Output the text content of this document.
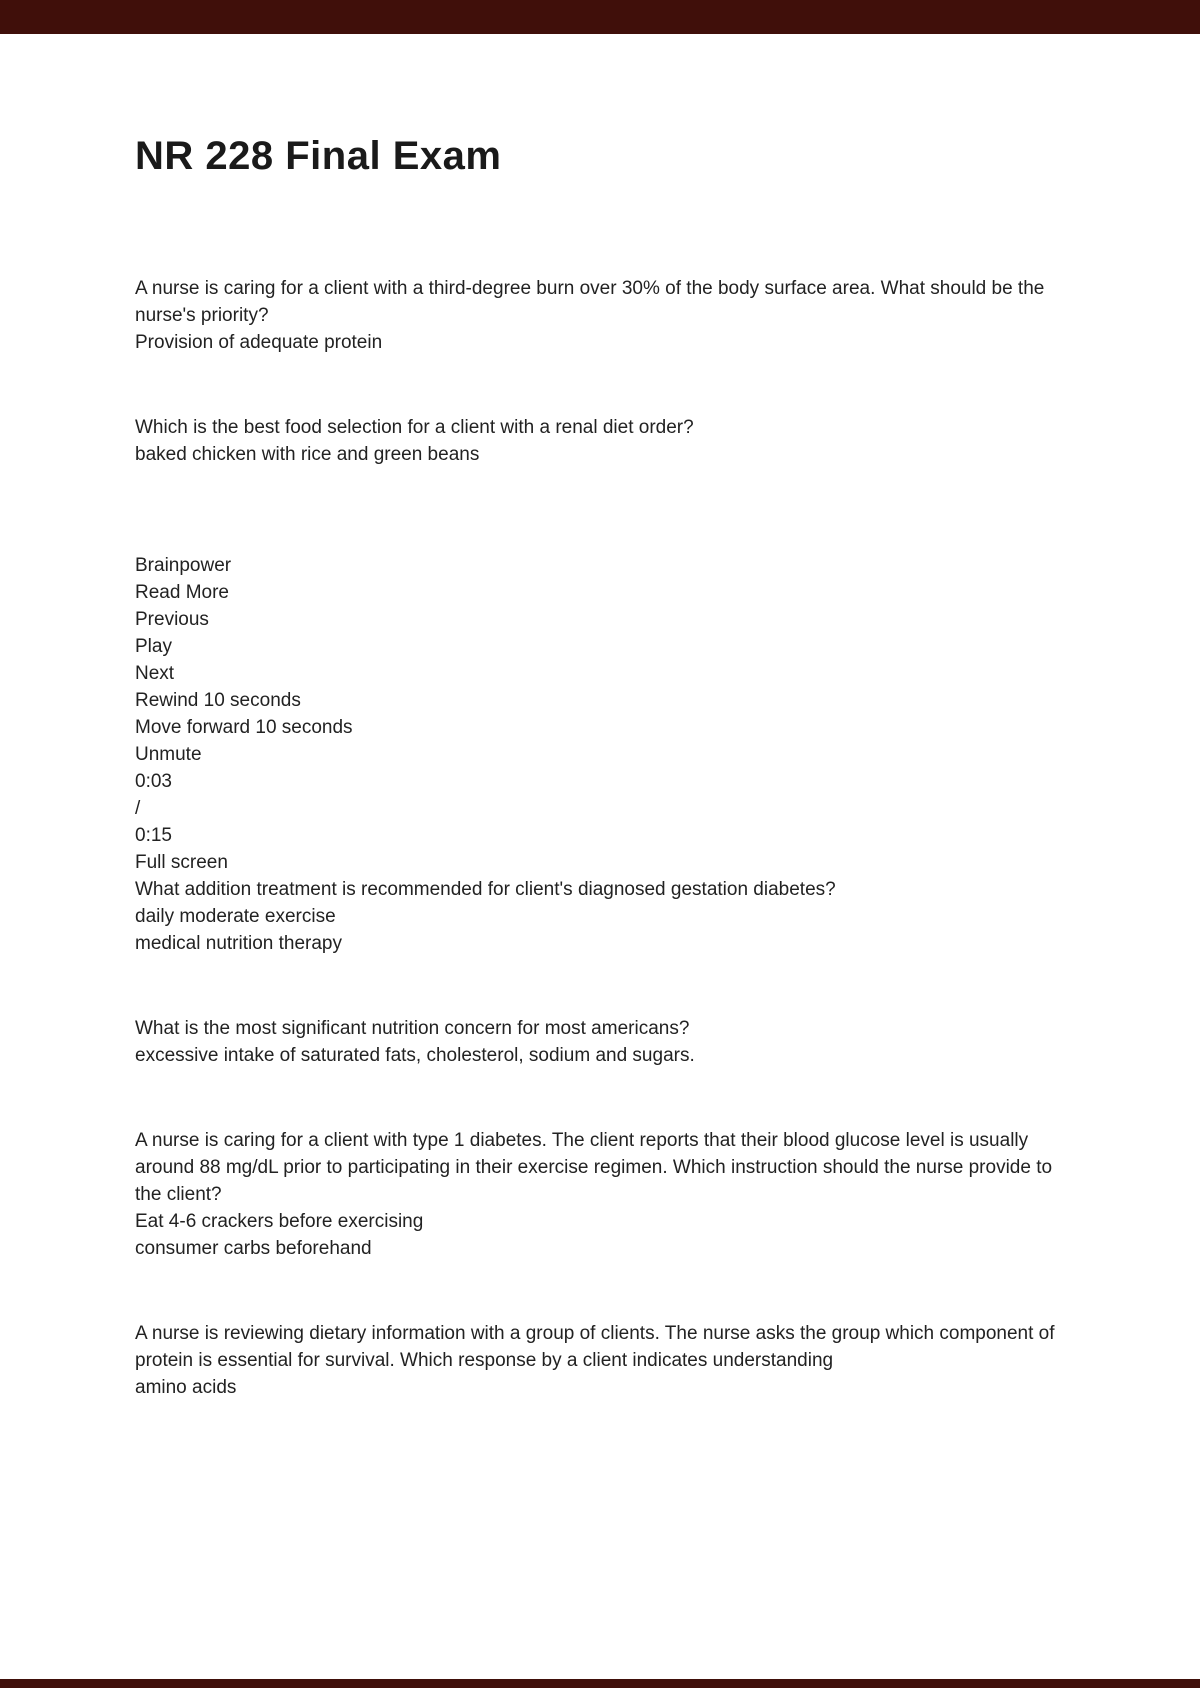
NR 228 Final Exam
A nurse is caring for a client with a third-degree burn over 30% of the body surface area. What should be the nurse's priority?
Provision of adequate protein
Which is the best food selection for a client with a renal diet order?
baked chicken with rice and green beans
Brainpower
Read More
Previous
Play
Next
Rewind 10 seconds
Move forward 10 seconds
Unmute
0:03
/
0:15
Full screen
What addition treatment is recommended for client's diagnosed gestation diabetes?
daily moderate exercise
medical nutrition therapy
What is the most significant nutrition concern for most americans?
excessive intake of saturated fats, cholesterol, sodium and sugars.
A nurse is caring for a client with type 1 diabetes. The client reports that their blood glucose level is usually around 88 mg/dL prior to participating in their exercise regimen. Which instruction should the nurse provide to the client?
Eat 4-6 crackers before exercising
consumer carbs beforehand
A nurse is reviewing dietary information with a group of clients. The nurse asks the group which component of protein is essential for survival. Which response by a client indicates understanding
amino acids
